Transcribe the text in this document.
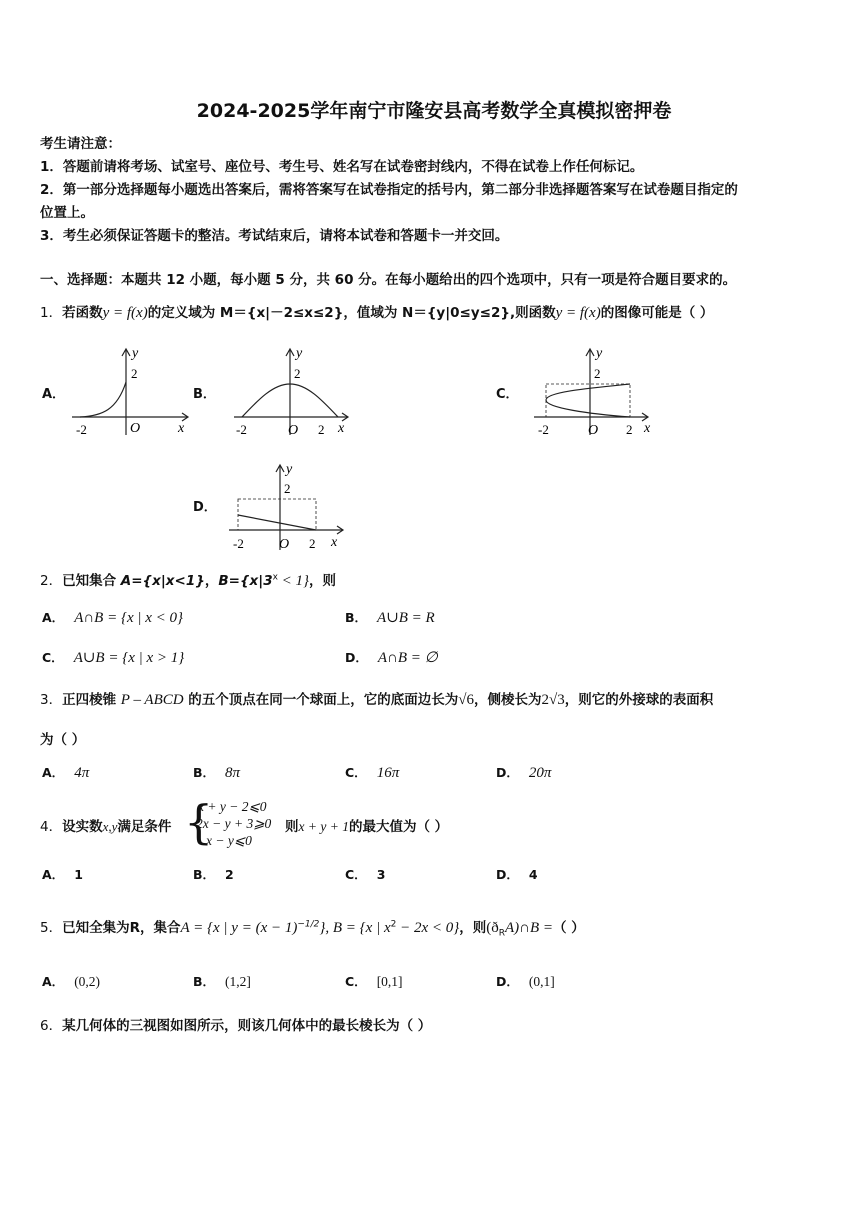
2024-2025学年南宁市隆安县高考数学全真模拟密押卷
考生请注意：
1．答题前请将考场、试室号、座位号、考生号、姓名写在试卷密封线内，不得在试卷上作任何标记。
2．第一部分选择题每小题选出答案后，需将答案写在试卷指定的括号内，第二部分非选择题答案写在试卷题目指定的
位置上。
3．考生必须保证答题卡的整洁。考试结束后，请将本试卷和答题卡一并交回。
一、选择题：本题共 12 小题，每小题 5 分，共 60 分。在每小题给出的四个选项中，只有一项是符合题目要求的。
1．若函数y = f(x)的定义域为 M＝{x|－2≤x≤2}，值域为 N＝{y|0≤y≤2},则函数y = f(x)的图像可能是（ ）
A．	B．	C．
D．
y
2
-2	O	x
y
2
-2	O 2 x
y
2
-2	O 2 x
y
2
-2	O 2 x
2．已知集合 A={x|x<1}，$B=\{x|3^x < 1\}$，则
A． A∩B = {x | x < 0}	B． A∪B = R
C． A∪B = {x | x > 1}	D． A∩B = ∅
3．正四棱锥 P – ABCD 的五个顶点在同一个球面上，它的底面边长为√6，侧棱长为2√3，则它的外接球的表面积
为（ ）
A． 4π	B． 8π	C． 16π	D． 20π
4．设实数x,y满足条件 {
x + y − 2⩽0
2x − y + 3⩾0
x − y⩽0
则x + y + 1的最大值为（ ）
A． 1	B． 2	C． 3	D． 4
5．已知全集为R，集合A = {x | $y = (x - 1)^{-1/2}$}, B = {x | $x^2 - 2x < 0$}，则$(ð_RA)\cap B$ =（ ）
A． (0,2)	B． (1,2]	C． [0,1]	D． (0,1]
6．某几何体的三视图如图所示，则该几何体中的最长棱长为（ ）
